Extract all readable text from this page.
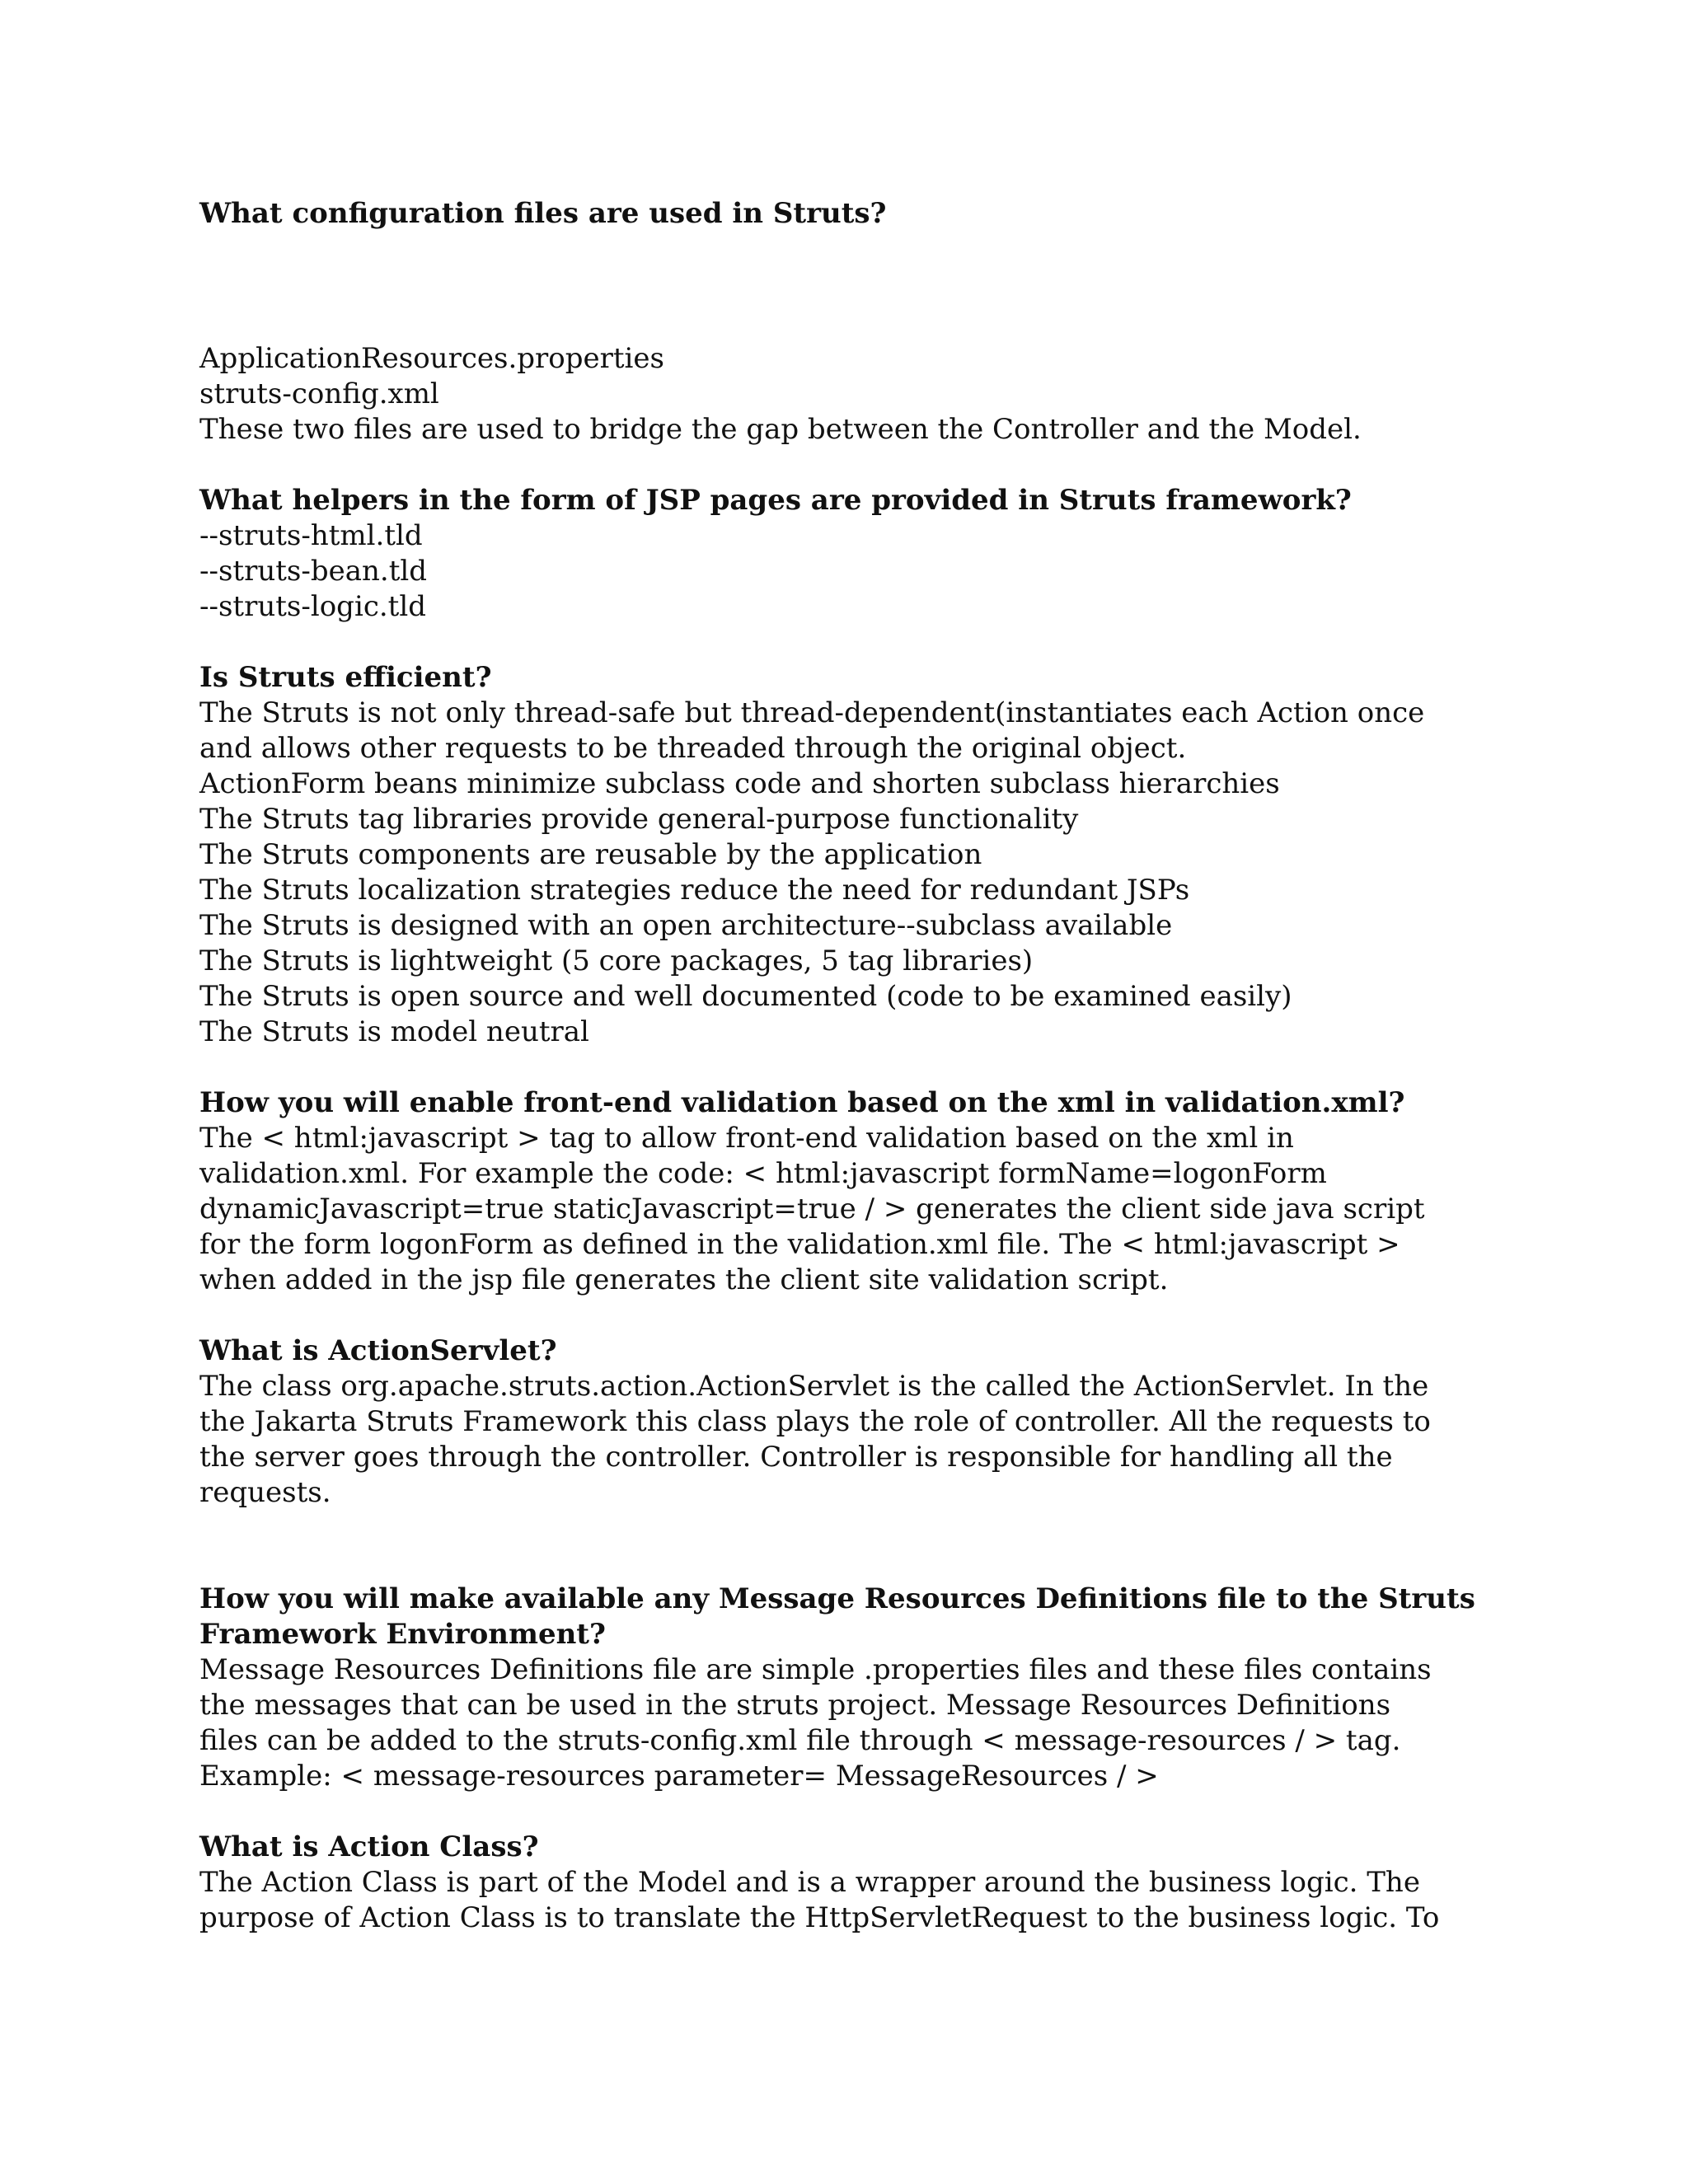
What configuration files are used in Struts?

ApplicationResources.properties

struts-config.xml

These two files are used to bridge the gap between the Controller and the Model.

What helpers in the form of JSP pages are provided in Struts framework?

--struts-html.tld

--struts-bean.tld

--struts-logic.tld

Is Struts efficient?

The Struts is not only thread-safe but thread-dependent(instantiates each Action once

and allows other requests to be threaded through the original object.

ActionForm beans minimize subclass code and shorten subclass hierarchies

The Struts tag libraries provide general-purpose functionality

The Struts components are reusable by the application

The Struts localization strategies reduce the need for redundant JSPs

The Struts is designed with an open architecture--subclass available

The Struts is lightweight (5 core packages, 5 tag libraries)

The Struts is open source and well documented (code to be examined easily)

The Struts is model neutral

How you will enable front-end validation based on the xml in validation.xml?

The < html:javascript > tag to allow front-end validation based on the xml in

validation.xml. For example the code: < html:javascript formName=logonForm

dynamicJavascript=true staticJavascript=true / > generates the client side java script

for the form logonForm as defined in the validation.xml file. The < html:javascript >

when added in the jsp file generates the client site validation script.

What is ActionServlet?

The class org.apache.struts.action.ActionServlet is the called the ActionServlet. In the

the Jakarta Struts Framework this class plays the role of controller. All the requests to

the server goes through the controller. Controller is responsible for handling all the

requests.

How you will make available any Message Resources Definitions file to the Struts

Framework Environment?

Message Resources Definitions file are simple .properties files and these files contains

the messages that can be used in the struts project. Message Resources Definitions

files can be added to the struts-config.xml file through < message-resources / > tag.

Example: < message-resources parameter= MessageResources / >

What is Action Class?

The Action Class is part of the Model and is a wrapper around the business logic. The

purpose of Action Class is to translate the HttpServletRequest to the business logic. To
